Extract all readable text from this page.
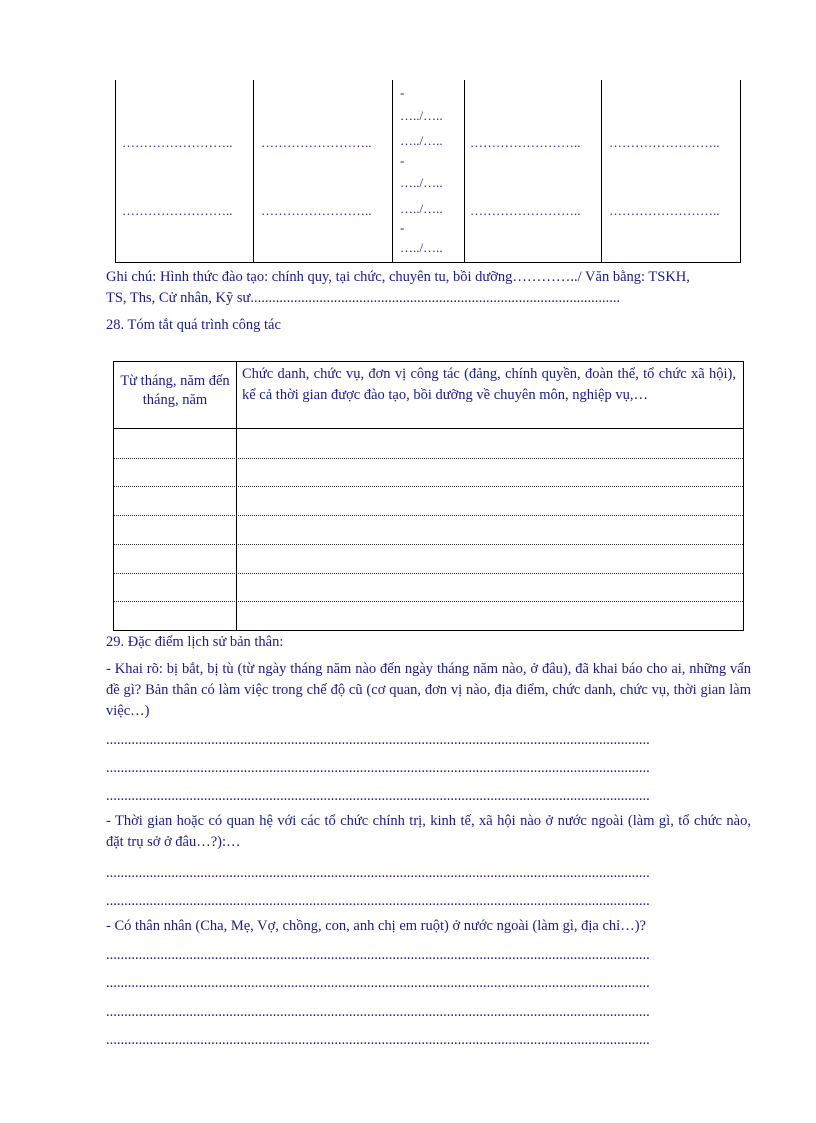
…………………….. ……………………..	…………………….. ……………………..
…………………….. ……………………..	…………………….. ……………………..
-
…../…..
…../…..
-
…../…..
…../…..
-
…../…..
Ghi chú: Hình thức đào tạo: chính quy, tại chức, chuyên tu, bồi dưỡng…………../ Văn bằng: TSKH,
TS, Ths, Cử nhân, Kỹ sư......................................................................................................
28. Tóm tắt quá trình công tác
Từ tháng, năm đến tháng, năm
Chức danh, chức vụ, đơn vị công tác (đảng, chính quyền, đoàn thể, tổ chức xã hội), kể cả thời gian được đào tạo, bồi dưỡng về chuyên môn, nghiệp vụ,…
29. Đặc điểm lịch sử bản thân:
- Khai rõ: bị bắt, bị tù (từ ngày tháng năm nào đến ngày tháng năm nào, ở đâu), đã khai báo cho ai, những vấn đề gì? Bản thân có làm việc trong chế độ cũ (cơ quan, đơn vị nào, địa điểm, chức danh, chức vụ, thời gian làm việc…)
......................................................................................................................................................
......................................................................................................................................................
......................................................................................................................................................
- Thời gian hoặc có quan hệ với các tổ chức chính trị, kinh tế, xã hội nào ở nước ngoài (làm gì, tổ chức nào, đặt trụ sở ở đâu…?):…
......................................................................................................................................................
......................................................................................................................................................
- Có thân nhân (Cha, Mẹ, Vợ, chồng, con, anh chị em ruột) ở nước ngoài (làm gì, địa chỉ…)?
......................................................................................................................................................
......................................................................................................................................................
......................................................................................................................................................
......................................................................................................................................................
